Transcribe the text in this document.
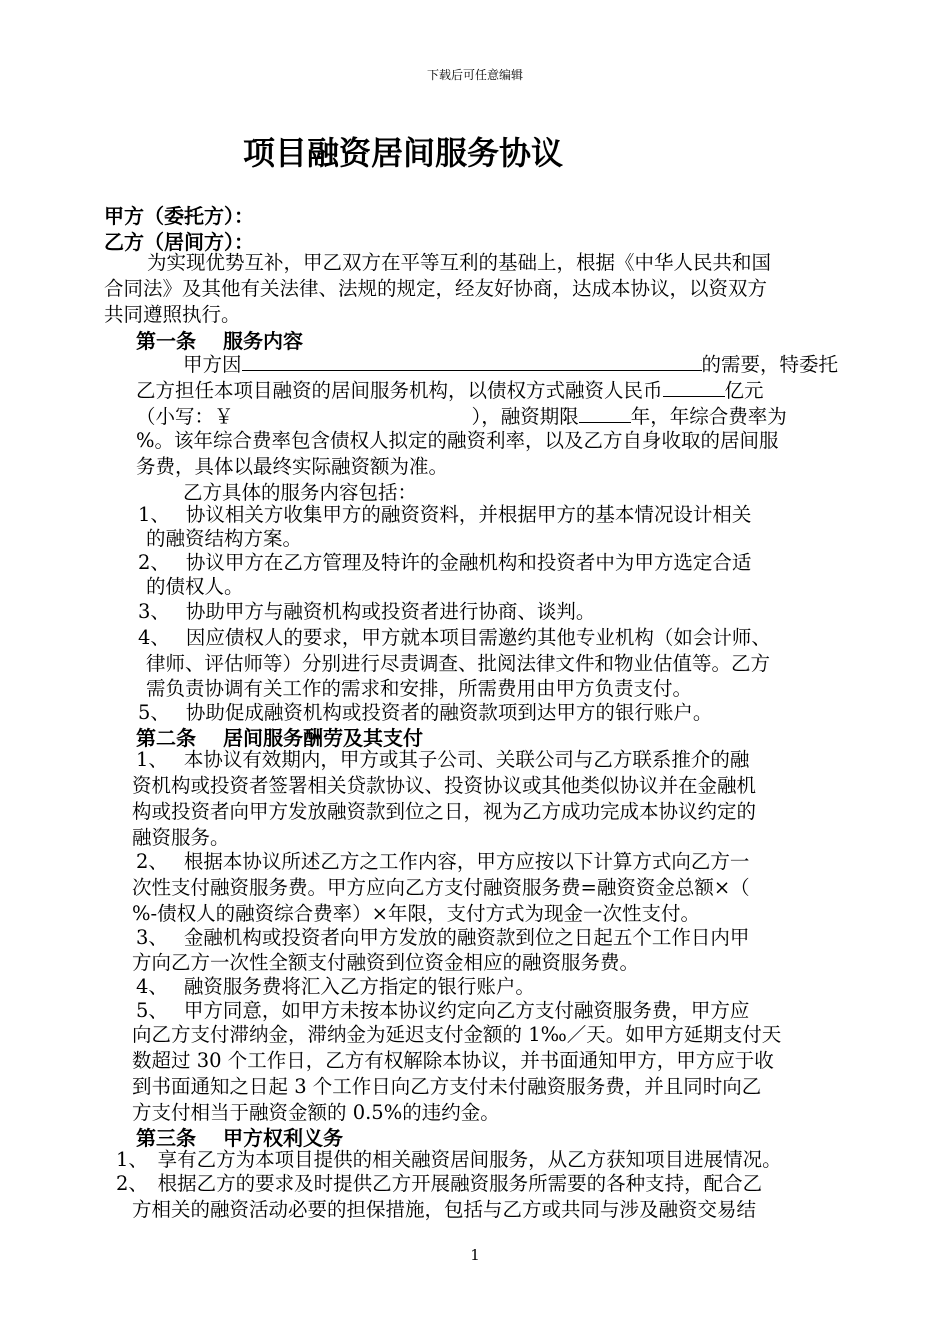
下载后可任意编辑
项目融资居间服务协议
甲方（委托方）：
乙方（居间方）：
为实现优势互补，甲乙双方在平等互利的基础上，根据《中华人民共和国
合同法》及其他有关法律、法规的规定，经友好协商，达成本协议，以资双方
共同遵照执行。
第一条　 服务内容
甲方因	的需要，特委托
乙方担任本项目融资的居间服务机构，以债权方式融资人民币	亿元
（小写：￥	），融资期限	年，年综合费率为
%。该年综合费率包含债权人拟定的融资利率，以及乙方自身收取的居间服
务费，具体以最终实际融资额为准。
乙方具体的服务内容包括：
1、　 协议相关方收集甲方的融资资料，并根据甲方的基本情况设计相关
的融资结构方案。
2、　 协议甲方在乙方管理及特许的金融机构和投资者中为甲方选定合适
的债权人。
3、　 协助甲方与融资机构或投资者进行协商、谈判。
4、　 因应债权人的要求，甲方就本项目需邀约其他专业机构（如会计师、
律师、评估师等）分别进行尽责调查、批阅法律文件和物业估值等。乙方
需负责协调有关工作的需求和安排，所需费用由甲方负责支付。
5、　 协助促成融资机构或投资者的融资款项到达甲方的银行账户。
第二条　 居间服务酬劳及其支付
1、　 本协议有效期内，甲方或其子公司、关联公司与乙方联系推介的融
资机构或投资者签署相关贷款协议、投资协议或其他类似协议并在金融机
构或投资者向甲方发放融资款到位之日，视为乙方成功完成本协议约定的
融资服务。
2、　 根据本协议所述乙方之工作内容，甲方应按以下计算方式向乙方一
次性支付融资服务费。甲方应向乙方支付融资服务费=融资资金总额×（
%-债权人的融资综合费率）×年限，支付方式为现金一次性支付。
3、　 金融机构或投资者向甲方发放的融资款到位之日起五个工作日内甲
方向乙方一次性全额支付融资到位资金相应的融资服务费。
4、　 融资服务费将汇入乙方指定的银行账户。
5、　 甲方同意，如甲方未按本协议约定向乙方支付融资服务费，甲方应
向乙方支付滞纳金，滞纳金为延迟支付金额的 1‰／天。如甲方延期支付天
数超过 30 个工作日，乙方有权解除本协议，并书面通知甲方，甲方应于收
到书面通知之日起 3 个工作日向乙方支付未付融资服务费，并且同时向乙
方支付相当于融资金额的 0.5%的违约金。
第三条　 甲方权利义务
1、　享有乙方为本项目提供的相关融资居间服务，从乙方获知项目进展情况。
2、　根据乙方的要求及时提供乙方开展融资服务所需要的各种支持，配合乙
方相关的融资活动必要的担保措施，包括与乙方或共同与涉及融资交易结
1
